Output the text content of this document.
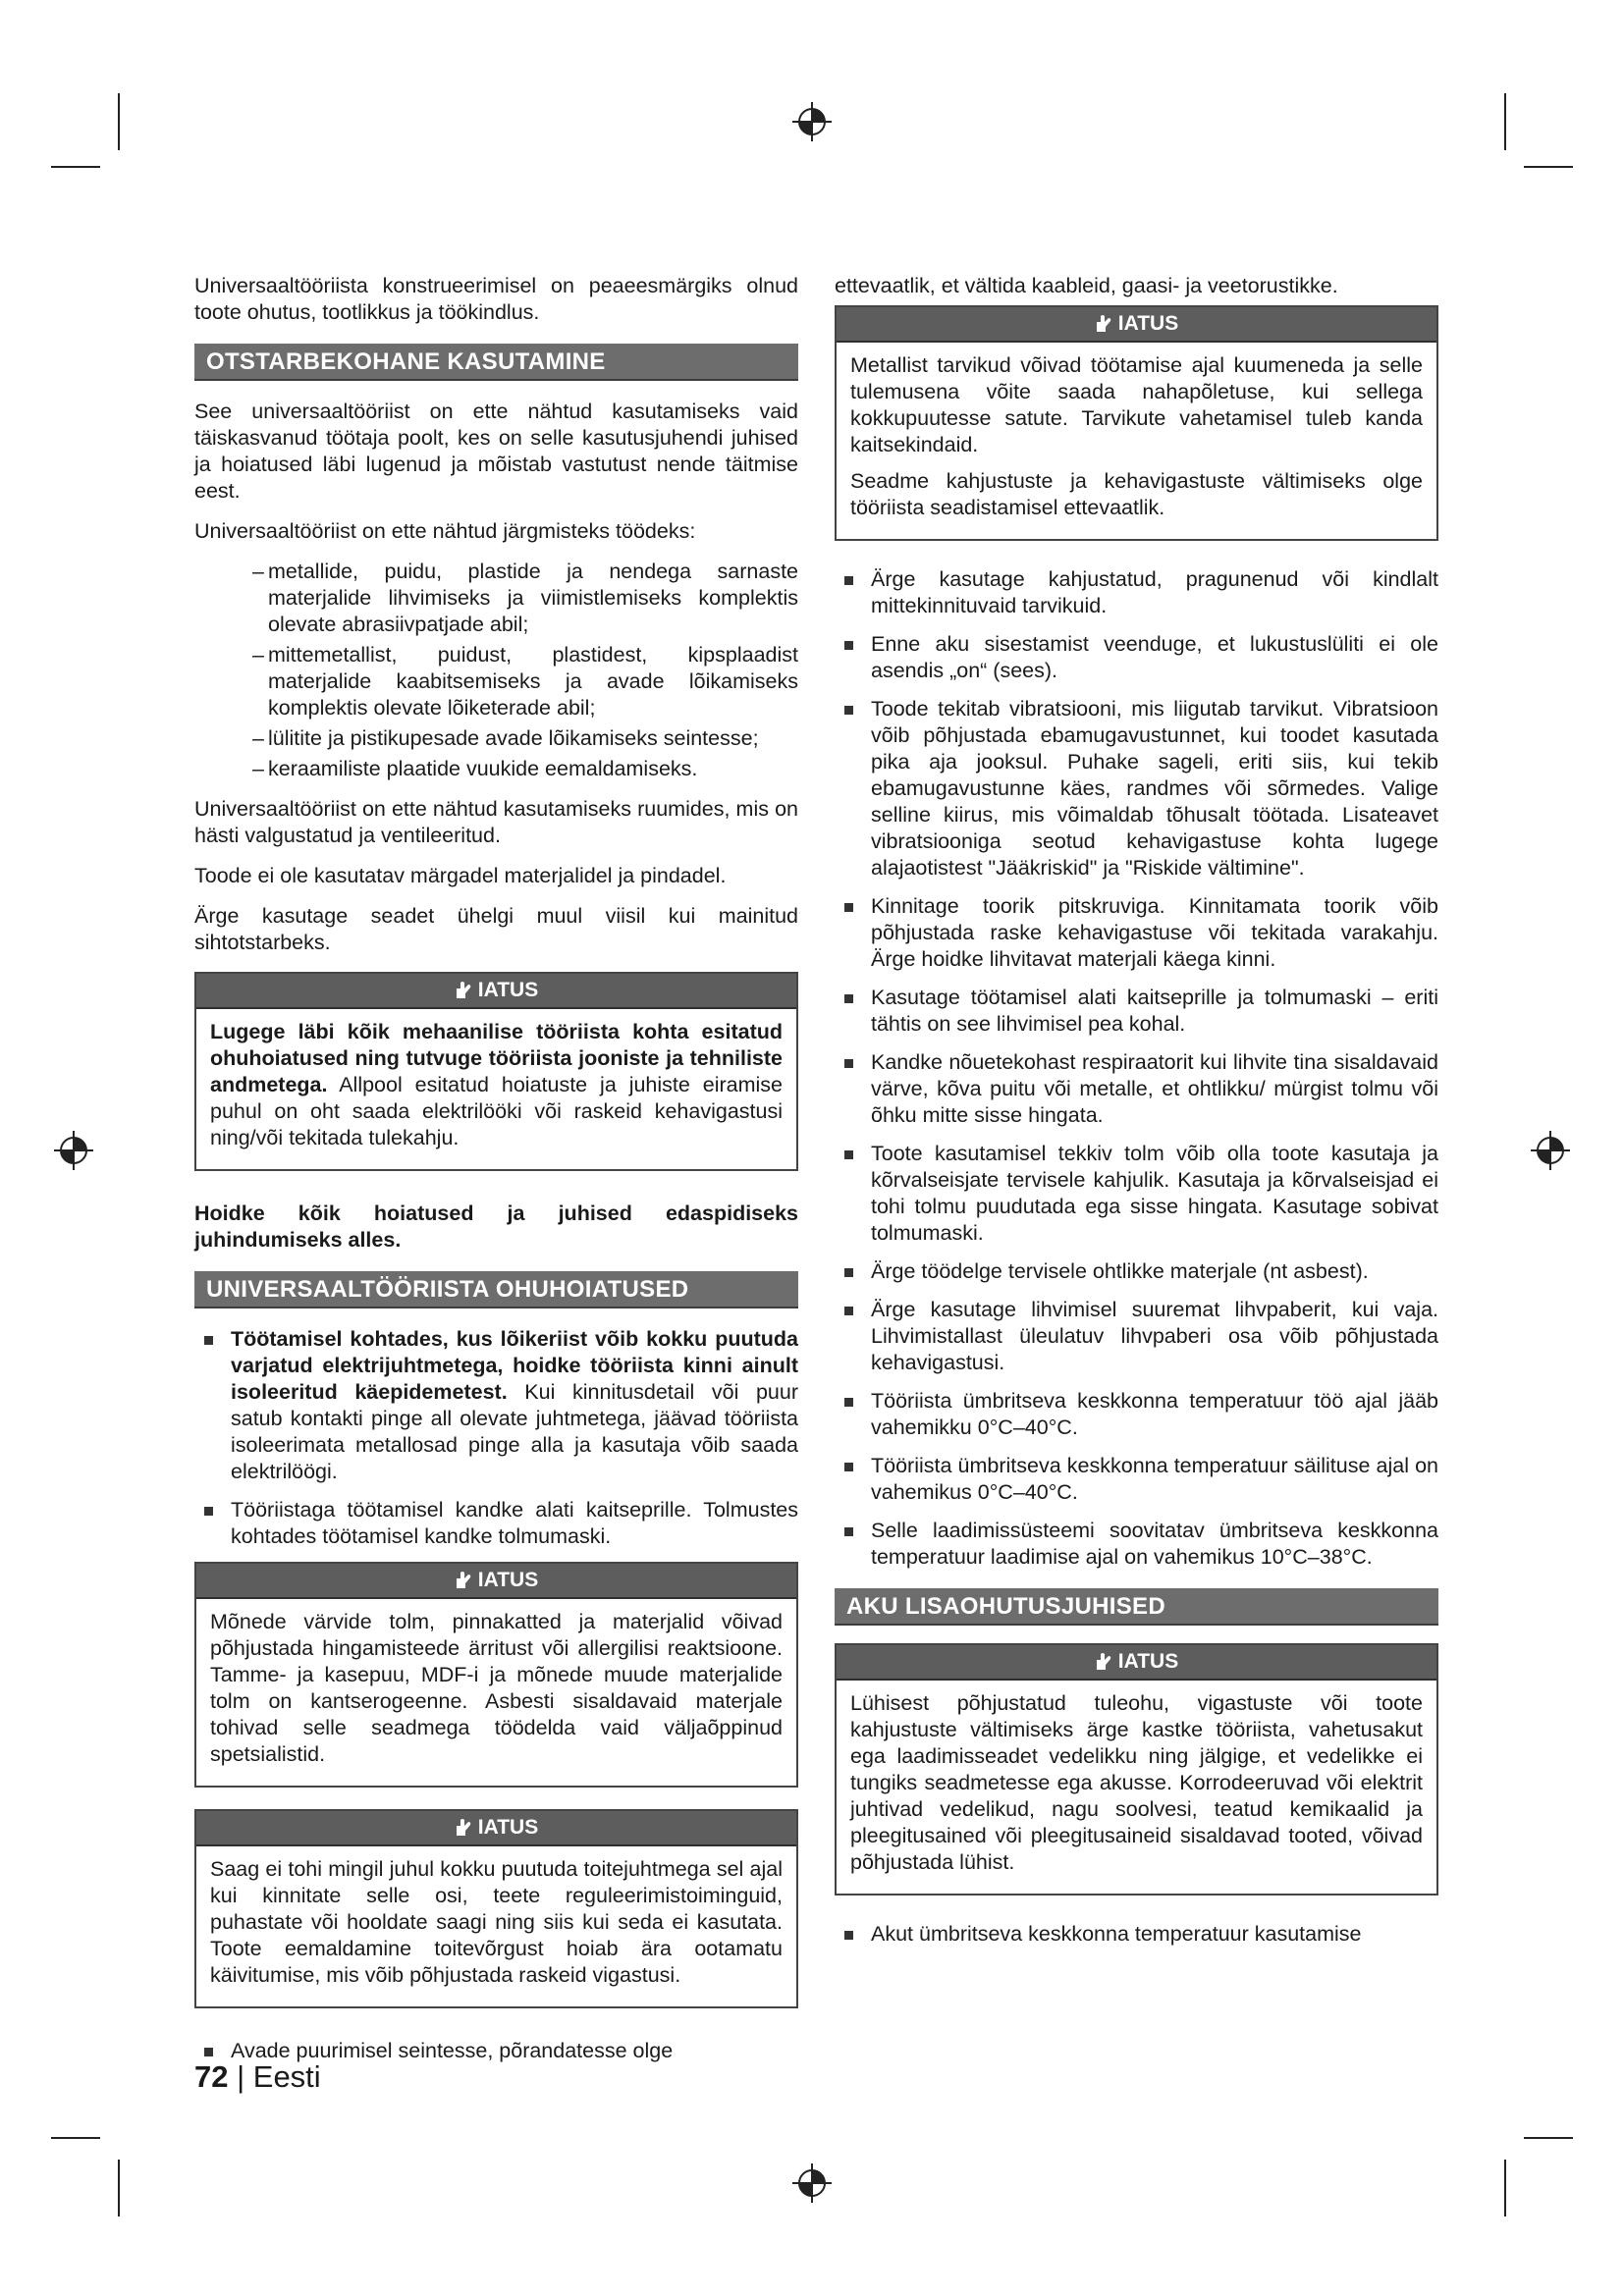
Universaaltööriista konstrueerimisel on peaeesmärgiks olnud toote ohutus, tootlikkus ja töökindlus.

OTSTARBEKOHANE KASUTAMINE

See universaaltööriist on ette nähtud kasutamiseks vaid täiskasvanud töötaja poolt, kes on selle kasutusjuhendi juhised ja hoiatused läbi lugenud ja mõistab vastutust nende täitmise eest.

Universaaltööriist on ette nähtud järgmisteks töödeks:

– metallide, puidu, plastide ja nendega sarnaste materjalide lihvimiseks ja viimistlemiseks komplektis olevate abrasiivpatjade abil;
– mittemetallist, puidust, plastidest, kipsplaadist materjalide kaabitsemiseks ja avade lõikamiseks komplektis olevate lõiketerade abil;
– lülitite ja pistikupesade avade lõikamiseks seintesse;
– keraamiliste plaatide vuukide eemaldamiseks.

Universaaltööriist on ette nähtud kasutamiseks ruumides, mis on hästi valgustatud ja ventileeritud.

Toode ei ole kasutatav märgadel materjalidel ja pindadel.

Ärge kasutage seadet ühelgi muul viisil kui mainitud sihtotstarbeks.

IATUS

Lugege läbi kõik mehaanilise tööriista kohta esitatud ohuhoiatused ning tutvuge tööriista jooniste ja tehniliste andmetega. Allpool esitatud hoiatuste ja juhiste eiramise puhul on oht saada elektrilööki või raskeid kehavigastusi ning/või tekitada tulekahju.

Hoidke kõik hoiatused ja juhised edaspidiseks juhindumiseks alles.

UNIVERSAALTÖÖRIISTA OHUHOIATUSED
Töötamisel kohtades, kus lõikeriist võib kokku puutuda varjatud elektrijuhtmetega, hoidke tööriista kinni ainult isoleeritud käepidemetest. Kui kinnitusdetail või puur satub kontakti pinge all olevate juhtmetega, jäävad tööriista isoleerimata metallosad pinge alla ja kasutaja võib saada elektrilöögi.
Tööriistaga töötamisel kandke alati kaitseprille. Tolmustes kohtades töötamisel kandke tolmumaski.
IATUS

Mõnede värvide tolm, pinnakatted ja materjalid võivad põhjustada hingamisteede ärritust või allergilisi reaktsioone. Tamme- ja kasepuu, MDF-i ja mõnede muude materjalide tolm on kantserogeenne. Asbesti sisaldavaid materjale tohivad selle seadmega töödelda vaid väljaõppinud spetsialistid.

IATUS

Saag ei tohi mingil juhul kokku puutuda toitejuhtmega sel ajal kui kinnitate selle osi, teete reguleerimistoiminguid, puhastate või hooldate saagi ning siis kui seda ei kasutata. Toote eemaldamine toitevõrgust hoiab ära ootamatu käivitumise, mis võib põhjustada raskeid vigastusi.

Avade puurimisel seintesse, põrandatesse olge

ettevaatlik, et vältida kaableid, gaasi- ja veetorustikke.

IATUS

Metallist tarvikud võivad töötamise ajal kuumeneda ja selle tulemusena võite saada nahapõletuse, kui sellega kokkupuutesse satute. Tarvikute vahetamisel tuleb kanda kaitsekindaid.

Seadme kahjustuste ja kehavigastuste vältimiseks olge tööriista seadistamisel ettevaatlik.

Ärge kasutage kahjustatud, pragunenud või kindlalt mittekinnituvaid tarvikuid.
Enne aku sisestamist veenduge, et lukustuslüliti ei ole asendis „on“ (sees).
Toode tekitab vibratsiooni, mis liigutab tarvikut. Vibratsioon võib põhjustada ebamugavustunnet, kui toodet kasutada pika aja jooksul. Puhake sageli, eriti siis, kui tekib ebamugavustunne käes, randmes või sõrmedes. Valige selline kiirus, mis võimaldab tõhusalt töötada. Lisateavet vibratsiooniga seotud kehavigastuse kohta lugege alajaotistest "Jääkriskid" ja "Riskide vältimine".
Kinnitage toorik pitskruviga. Kinnitamata toorik võib põhjustada raske kehavigastuse või tekitada varakahju. Ärge hoidke lihvitavat materjali käega kinni.
Kasutage töötamisel alati kaitseprille ja tolmumaski – eriti tähtis on see lihvimisel pea kohal.
Kandke nõuetekohast respiraatorit kui lihvite tina sisaldavaid värve, kõva puitu või metalle, et ohtlikku/ mürgist tolmu või õhku mitte sisse hingata.
Toote kasutamisel tekkiv tolm võib olla toote kasutaja ja kõrvalseisjate tervisele kahjulik. Kasutaja ja kõrvalseisjad ei tohi tolmu puudutada ega sisse hingata. Kasutage sobivat tolmumaski.
Ärge töödelge tervisele ohtlikke materjale (nt asbest).
Ärge kasutage lihvimisel suuremat lihvpaberit, kui vaja. Lihvimistallast üleulatuv lihvpaberi osa võib põhjustada kehavigastusi.
Tööriista ümbritseva keskkonna temperatuur töö ajal jääb vahemikku 0°C–40°C.
Tööriista ümbritseva keskkonna temperatuur säilituse ajal on vahemikus 0°C–40°C.
Selle laadimissüsteemi soovitatav ümbritseva keskkonna temperatuur laadimise ajal on vahemikus 10°C–38°C.
AKU LISAOHUTUSJUHISED
IATUS

Lühisest põhjustatud tuleohu, vigastuste või toote kahjustuste vältimiseks ärge kastke tööriista, vahetusakut ega laadimisseadet vedelikku ning jälgige, et vedelikke ei tungiks seadmetesse ega akusse. Korrodeeruvad või elektrit juhtivad vedelikud, nagu soolvesi, teatud kemikaalid ja pleegitusained või pleegitusaineid sisaldavad tooted, võivad põhjustada lühist.

Akut ümbritseva keskkonna temperatuur kasutamise
72 | Eesti
